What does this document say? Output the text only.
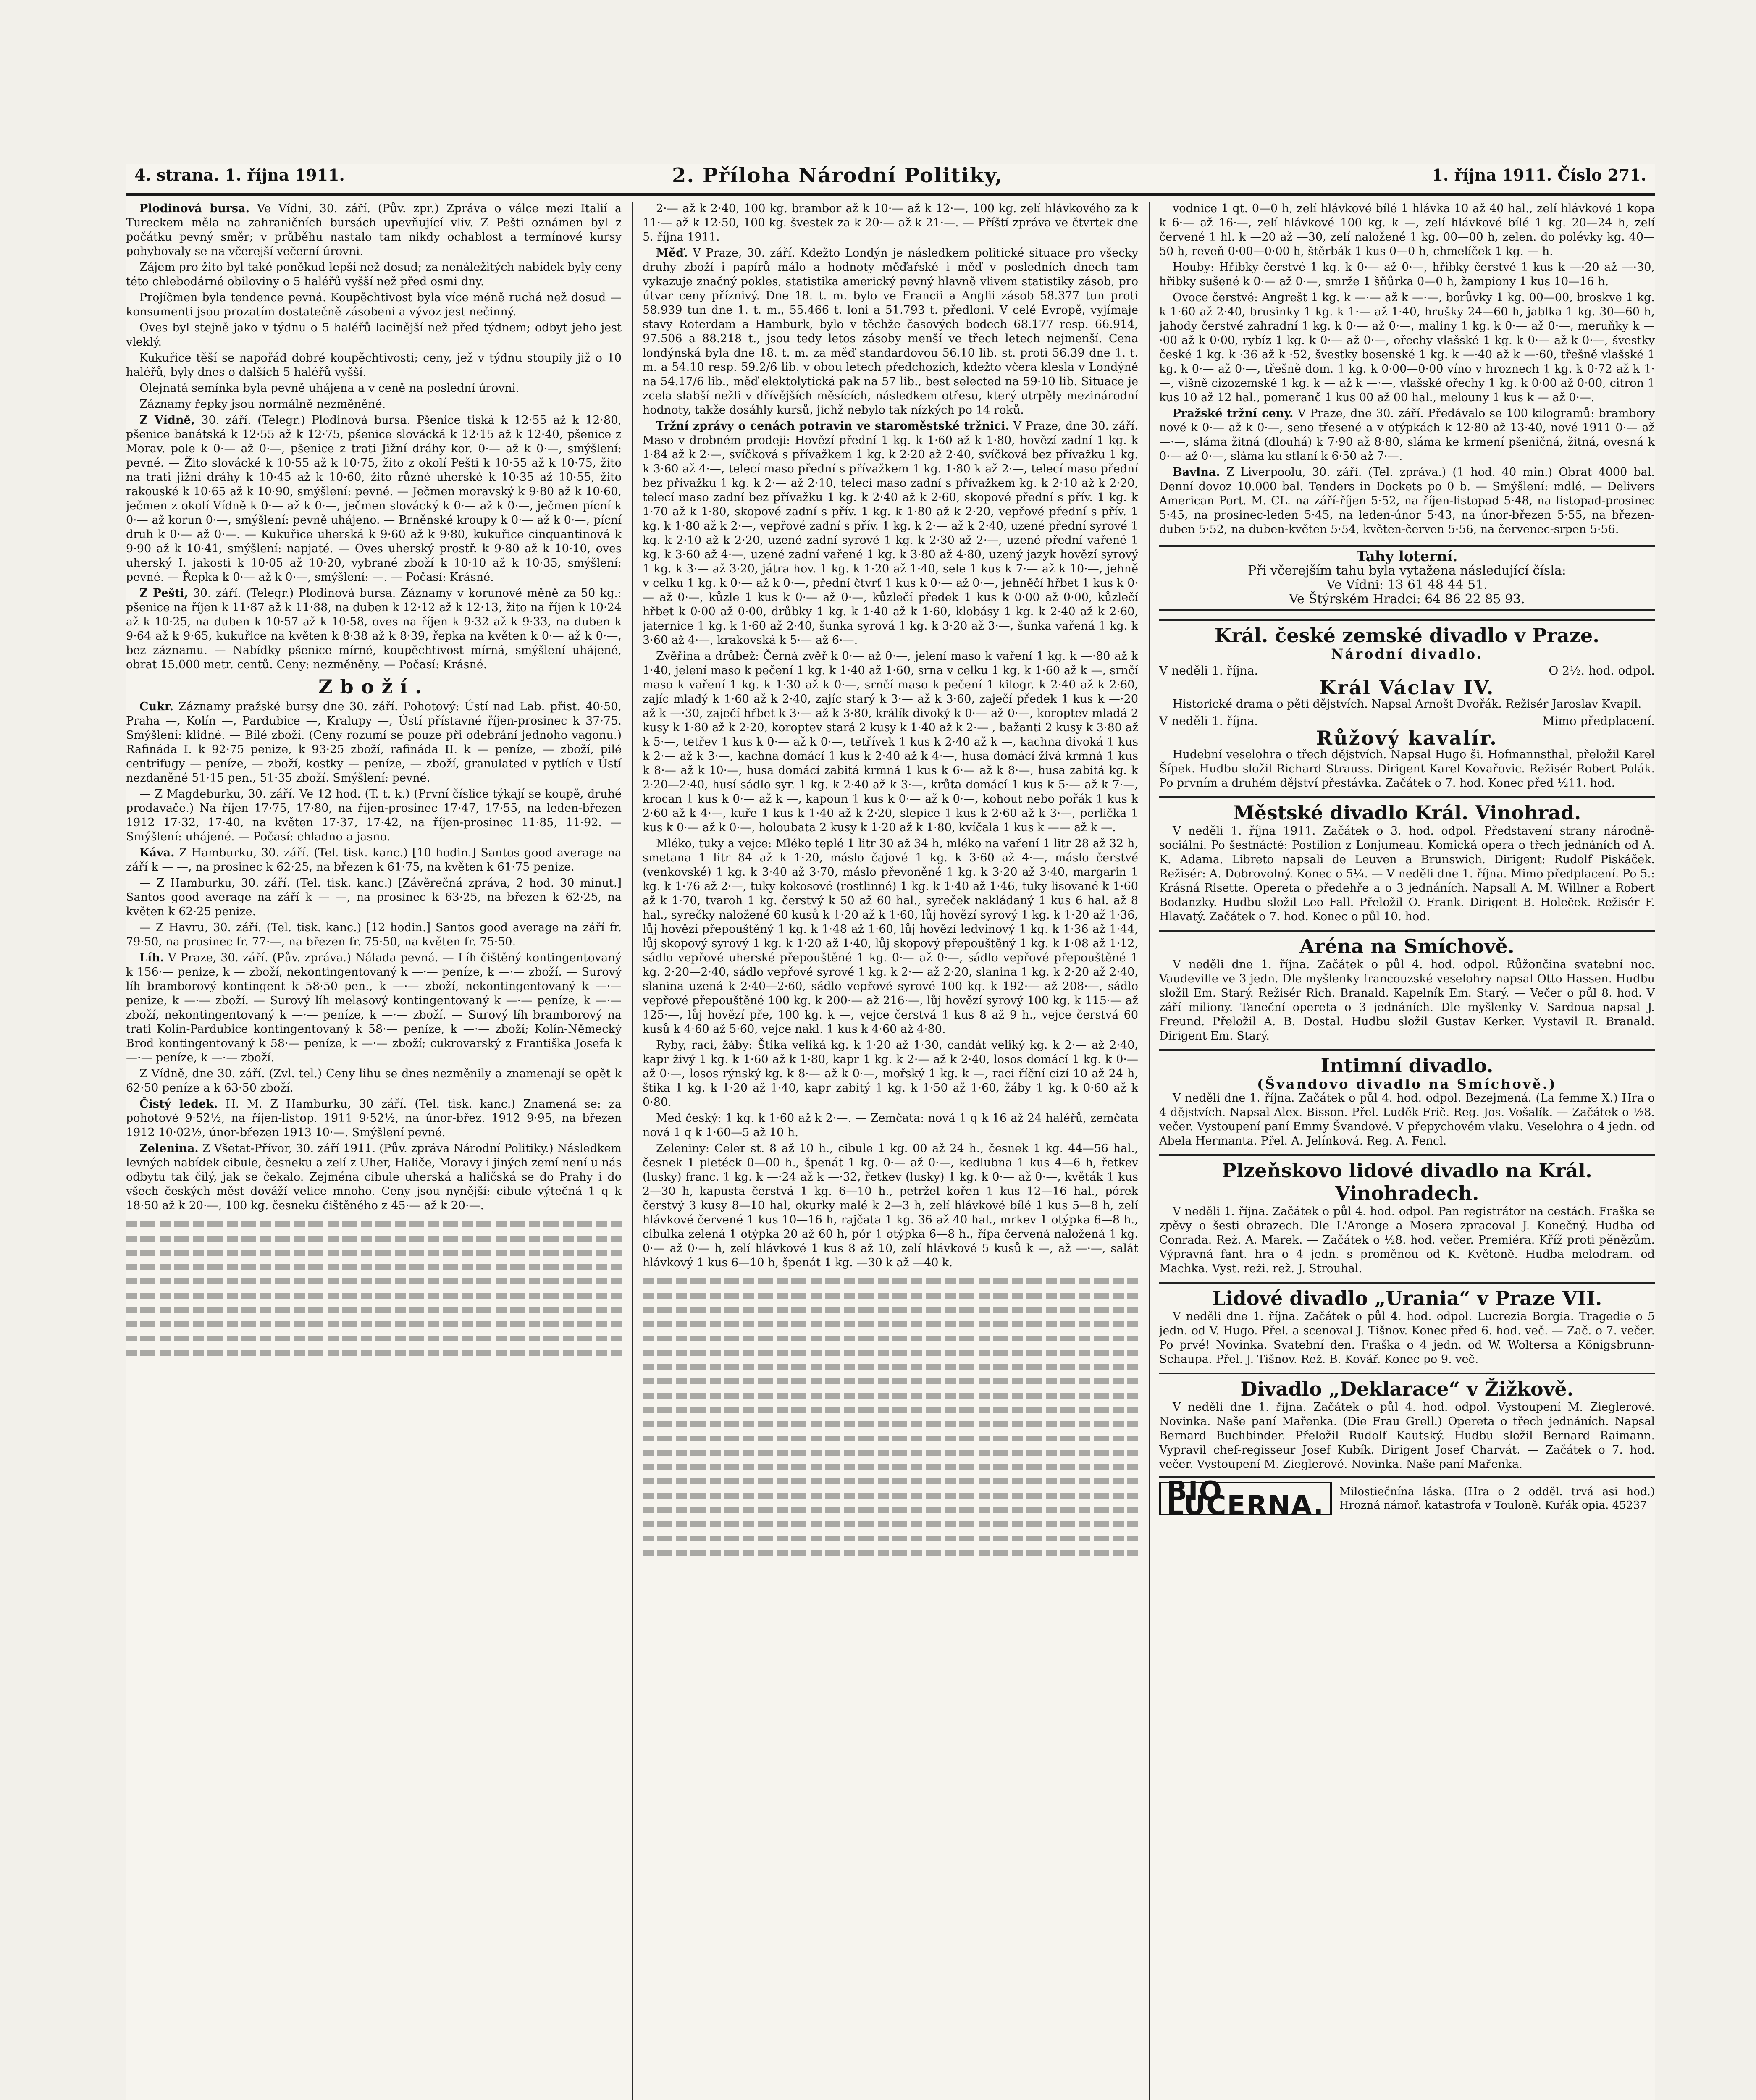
4. strana. 1. října 1911.	2. Příloha Národní Politiky,	1. října 1911. Číslo 271.

Plodinová bursa. Ve Vídni, 30. září. (Pův. zpr.) Zpráva o válce mezi Italií a Tureckem měla na zahraničních bursách upevňující vliv. Z Pešti oznámen byl z počátku pevný směr; v průběhu nastalo tam nikdy ochablost a termínové kursy pohybovaly se na včerejší večerní úrovni.

Zájem pro žito byl také poněkud lepší než dosud; za nenáležitých nabídek byly ceny této chlebodárné obiloviny o 5 haléřů vyšší než před osmi dny.

Projíčmen byla tendence pevná. Koupěchtivost byla více méně ruchá než dosud — konsumenti jsou prozatím dostatečně zásobeni a vývoz jest nečinný.

Oves byl stejně jako v týdnu o 5 haléřů lacinější než před týdnem; odbyt jeho jest vleklý.

Kukuřice těší se napořád dobré koupěchtivosti; ceny, jež v týdnu stoupily již o 10 haléřů, byly dnes o dalších 5 haléřů vyšší.

Olejnatá semínka byla pevně uhájena a v ceně na poslední úrovni.

Záznamy řepky jsou normálně nezměněné.

Z Vídně, 30. září. (Telegr.) Plodinová bursa. Pšenice tiská k 12·55 až k 12·80, pšenice banátská k 12·55 až k 12·75, pšenice slovácká k 12·15 až k 12·40, pšenice z Morav. pole k 0·— až 0·—, pšenice z trati Jižní dráhy kor. 0·— až k 0·—, smýšlení: pevné. — Žito slovácké k 10·55 až k 10·75, žito z okolí Pešti k 10·55 až k 10·75, žito na trati jižní dráhy k 10·45 až k 10·60, žito různé uherské k 10·35 až 10·55, žito rakouské k 10·65 až k 10·90, smýšlení: pevné. — Ječmen moravský k 9·80 až k 10·60, ječmen z okolí Vídně k 0·— až k 0·—, ječmen slovácký k 0·— až k 0·—, ječmen pícní k 0·— až korun 0·—, smýšlení: pevně uhájeno. — Brněnské kroupy k 0·— až k 0·—, pícní druh k 0·— až 0·—. — Kukuřice uherská k 9·60 až k 9·80, kukuřice cinquantinová k 9·90 až k 10·41, smýšlení: napjaté. — Oves uherský prostř. k 9·80 až k 10·10, oves uherský I. jakosti k 10·05 až 10·20, vybrané zboží k 10·10 až k 10·35, smýšlení: pevné. — Řepka k 0·— až k 0·—, smýšlení: —. — Počasí: Krásné.

Z Pešti, 30. září. (Telegr.) Plodinová bursa. Záznamy v korunové měně za 50 kg.: pšenice na říjen k 11·87 až k 11·88, na duben k 12·12 až k 12·13, žito na říjen k 10·24 až k 10·25, na duben k 10·57 až k 10·58, oves na říjen k 9·32 až k 9·33, na duben k 9·64 až k 9·65, kukuřice na květen k 8·38 až k 8·39, řepka na květen k 0·— až k 0·—, bez záznamu. — Nabídky pšenice mírné, koupěchtivost mírná, smýšlení uhájené, obrat 15.000 metr. centů. Ceny: nezměněny. — Počasí: Krásné.

Zboží.

Cukr. Záznamy pražské bursy dne 30. září. Pohotový: Ústí nad Lab. přist. 40·50, Praha —, Kolín —, Pardubice —, Kralupy —, Ústí přístavné říjen-prosinec k 37·75. Smýšlení: klidné. — Bílé zboží. (Ceny rozumí se pouze při odebrání jednoho vagonu.) Rafináda I. k 92·75 penize, k 93·25 zboží, rafináda II. k — peníze, — zboží, pilé centrifugy — peníze, — zboží, kostky — peníze, — zboží, granulated v pytlích v Ústí nezdaněné 51·15 pen., 51·35 zboží. Smýšlení: pevné.

— Z Magdeburku, 30. září. Ve 12 hod. (T. t. k.) (První číslice týkají se koupě, druhé prodavače.) Na říjen 17·75, 17·80, na říjen-prosinec 17·47, 17·55, na leden-březen 1912 17·32, 17·40, na květen 17·37, 17·42, na říjen-prosinec 11·85, 11·92. — Smýšlení: uhájené. — Počasí: chladno a jasno.

Káva. Z Hamburku, 30. září. (Tel. tisk. kanc.) [10 hodin.] Santos good average na září k — —, na prosinec k 62·25, na březen k 61·75, na květen k 61·75 penize.

— Z Hamburku, 30. září. (Tel. tisk. kanc.) [Závěrečná zpráva, 2 hod. 30 minut.] Santos good average na září k — —, na prosinec k 63·25, na březen k 62·25, na květen k 62·25 penize.

— Z Havru, 30. září. (Tel. tisk. kanc.) [12 hodin.] Santos good average na září fr. 79·50, na prosinec fr. 77·—, na březen fr. 75·50, na květen fr. 75·50.

Líh. V Praze, 30. září. (Pův. zpráva.) Nálada pevná. — Líh čištěný kontingentovaný k 156·— penize, k — zboží, nekontingentovaný k —·— peníze, k —·— zboží. — Surový líh bramborový kontingent k 58·50 pen., k —·— zboží, nekontingentovaný k —·— penize, k —·— zboží. — Surový líh melasový kontingentovaný k —·— peníze, k —·— zboží, nekontingentovaný k —·— peníze, k —·— zboží. — Surový líh bramborový na trati Kolín-Pardubice kontingentovaný k 58·— peníze, k —·— zboží; Kolín-Německý Brod kontingentovaný k 58·— peníze, k —·— zboží; cukrovarský z Františka Josefa k —·— peníze, k —·— zboží.

Z Vídně, dne 30. září. (Zvl. tel.) Ceny lihu se dnes nezměnily a znamenají se opět k 62·50 peníze a k 63·50 zboží.

Čistý ledek. H. M. Z Hamburku, 30 září. (Tel. tisk. kanc.) Znamená se: za pohotové 9·52½, na říjen-listop. 1911 9·52½, na únor-břez. 1912 9·95, na březen 1912 10·02½, únor-březen 1913 10·—. Smýšlení pevné.

Zelenina. Z Všetat-Přívor, 30. září 1911. (Pův. zpráva Národní Politiky.) Následkem levných nabídek cibule, česneku a zelí z Uher, Haliče, Moravy i jiných zemí není u nás odbytu tak čilý, jak se čekalo. Zejména cibule uherská a haličská se do Prahy i do všech českých měst dováží velice mnoho. Ceny jsou nynější: cibule výtečná 1 q k 18·50 až k 20·—, 100 kg. česneku čištěného z 45·— až k 20·—.

2·— až k 2·40, 100 kg. brambor až k 10·— až k 12·—, 100 kg. zelí hlávkového za k 11·— až k 12·50, 100 kg. švestek za k 20·— až k 21·—. — Příští zpráva ve čtvrtek dne 5. října 1911.

Měď. V Praze, 30. září. Kdežto Londýn je následkem politické situace pro všecky druhy zboží i papírů málo a hodnoty měďařské i měď v posledních dnech tam vykazuje značný pokles, statistika americký pevný hlavně vlivem statistiky zásob, pro útvar ceny příznivý. Dne 18. t. m. bylo ve Francii a Anglii zásob 58.377 tun proti 58.939 tun dne 1. t. m., 55.466 t. loni a 51.793 t. předloni. V celé Evropě, vyjímaje stavy Roterdam a Hamburk, bylo v těchže časových bodech 68.177 resp. 66.914, 97.506 a 88.218 t., jsou tedy letos zásoby menší ve třech letech nejmenší. Cena londýnská byla dne 18. t. m. za měď standardovou 56.10 lib. st. proti 56.39 dne 1. t. m. a 54.10 resp. 59.2/6 lib. v obou letech předchozích, kdežto včera klesla v Londýně na 54.17/6 lib., měď elektolytická pak na 57 lib., best selected na 59·10 lib. Situace je zcela slabší nežli v dřívějších měsících, následkem otřesu, který utrpěly mezinárodní hodnoty, takže dosáhly kursů, jichž nebylo tak nízkých po 14 roků.

Tržní zprávy o cenách potravin ve staroměstské tržnici. V Praze, dne 30. září. Maso v drobném prodeji: Hovězí přední 1 kg. k 1·60 až k 1·80, hovězí zadní 1 kg. k 1·84 až k 2·—, svíčková s přívažkem 1 kg. k 2·20 až 2·40, svíčková bez přívažku 1 kg. k 3·60 až 4·—, telecí maso přední s přívažkem 1 kg. 1·80 k až 2·—, telecí maso přední bez přívažku 1 kg. k 2·— až 2·10, telecí maso zadní s přívažkem kg. k 2·10 až k 2·20, telecí maso zadní bez přívažku 1 kg. k 2·40 až k 2·60, skopové přední s přív. 1 kg. k 1·70 až k 1·80, skopové zadní s přív. 1 kg. k 1·80 až k 2·20, vepřové přední s přív. 1 kg. k 1·80 až k 2·—, vepřové zadní s přív. 1 kg. k 2·— až k 2·40, uzené přední syrové 1 kg. k 2·10 až k 2·20, uzené zadní syrové 1 kg. k 2·30 až 2·—, uzené přední vařené 1 kg. k 3·60 až 4·—, uzené zadní vařené 1 kg. k 3·80 až 4·80, uzený jazyk hovězí syrový 1 kg. k 3·— až 3·20, játra hov. 1 kg. k 1·20 až 1·40, sele 1 kus k 7·— až k 10·—, jehně v celku 1 kg. k 0·— až k 0·—, přední čtvrť 1 kus k 0·— až 0·—, jehněčí hřbet 1 kus k 0·— až 0·—, kůzle 1 kus k 0·— až 0·—, kůzlečí předek 1 kus k 0·00 až 0·00, kůzlečí hřbet k 0·00 až 0·00, drůbky 1 kg. k 1·40 až k 1·60, klobásy 1 kg. k 2·40 až k 2·60, jaternice 1 kg. k 1·60 až 2·40, šunka syrová 1 kg. k 3·20 až 3·—, šunka vařená 1 kg. k 3·60 až 4·—, krakovská k 5·— až 6·—.

Zvěřina a drůbež: Černá zvěř k 0·— až 0·—, jelení maso k vaření 1 kg. k —·80 až k 1·40, jelení maso k pečení 1 kg. k 1·40 až 1·60, srna v celku 1 kg. k 1·60 až k —, srnčí maso k vaření 1 kg. k 1·30 až k 0·—, srnčí maso k pečení 1 kilogr. k 2·40 až k 2·60, zajíc mladý k 1·60 až k 2·40, zajíc starý k 3·— až k 3·60, zaječí předek 1 kus k —·20 až k —·30, zaječí hřbet k 3·— až k 3·80, králík divoký k 0·— až 0·—, koroptev mladá 2 kusy k 1·80 až k 2·20, koroptev stará 2 kusy k 1·40 až k 2·— , bažanti 2 kusy k 3·80 až k 5·—, tetřev 1 kus k 0·— až k 0·—, tetřívek 1 kus k 2·40 až k —, kachna divoká 1 kus k 2·— až k 3·—, kachna domácí 1 kus k 2·40 až k 4·—, husa domácí živá krmná 1 kus k 8·— až k 10·—, husa domácí zabitá krmná 1 kus k 6·— až k 8·—, husa zabitá kg. k 2·20—2·40, husí sádlo syr. 1 kg. k 2·40 až k 3·—, krůta domácí 1 kus k 5·— až k 7·—, krocan 1 kus k 0·— až k —, kapoun 1 kus k 0·— až k 0·—, kohout nebo pořák 1 kus k 2·60 až k 4·—, kuře 1 kus k 1·40 až k 2·20, slepice 1 kus k 2·60 až k 3·—, perlička 1 kus k 0·— až k 0·—, holoubata 2 kusy k 1·20 až k 1·80, kvíčala 1 kus k —— až k —.

Mléko, tuky a vejce: Mléko teplé 1 litr 30 až 34 h, mléko na vaření 1 litr 28 až 32 h, smetana 1 litr 84 až k 1·20, máslo čajové 1 kg. k 3·60 až 4·—, máslo čerstvé (venkovské) 1 kg. k 3·40 až 3·70, máslo převoněné 1 kg. k 3·20 až 3·40, margarin 1 kg. k 1·76 až 2·—, tuky kokosové (rostlinné) 1 kg. k 1·40 až 1·46, tuky lisované k 1·60 až k 1·70, tvaroh 1 kg. čerstvý k 50 až 60 hal., syreček nakládaný 1 kus 6 hal. až 8 hal., syrečky naložené 60 kusů k 1·20 až k 1·60, lůj hovězí syrový 1 kg. k 1·20 až 1·36, lůj hovězí přepouštěný 1 kg. k 1·48 až 1·60, lůj hovězí ledvinový 1 kg. k 1·36 až 1·44, lůj skopový syrový 1 kg. k 1·20 až 1·40, lůj skopový přepouštěný 1 kg. k 1·08 až 1·12, sádlo vepřové uherské přepouštěné 1 kg. 0·— až 0·—, sádlo vepřové přepouštěné 1 kg. 2·20—2·40, sádlo vepřové syrové 1 kg. k 2·— až 2·20, slanina 1 kg. k 2·20 až 2·40, slanina uzená k 2·40—2·60, sádlo vepřové syrové 100 kg. k 192·— až 208·—, sádlo vepřové přepouštěné 100 kg. k 200·— až 216·—, lůj hovězí syrový 100 kg. k 115·— až 125·—, lůj hovězí pře, 100 kg. k —, vejce čerstvá 1 kus 8 až 9 h., vejce čerstvá 60 kusů k 4·60 až 5·60, vejce nakl. 1 kus k 4·60 až 4·80.

Ryby, raci, žáby: Štika veliká kg. k 1·20 až 1·30, candát veliký kg. k 2·— až 2·40, kapr živý 1 kg. k 1·60 až k 1·80, kapr 1 kg. k 2·— až k 2·40, losos domácí 1 kg. k 0·— až 0·—, losos rýnský kg. k 8·— až k 0·—, mořský 1 kg. k —, raci říční cizí 10 až 24 h, štika 1 kg. k 1·20 až 1·40, kapr zabitý 1 kg. k 1·50 až 1·60, žáby 1 kg. k 0·60 až k 0·80.

Med český: 1 kg. k 1·60 až k 2·—. — Zemčata: nová 1 q k 16 až 24 haléřů, zemčata nová 1 q k 1·60—5 až 10 h.

Zeleniny: Celer st. 8 až 10 h., cibule 1 kg. 00 až 24 h., česnek 1 kg. 44—56 hal., česnek 1 pletéck 0—00 h., špenát 1 kg. 0·— až 0·—, kedlubna 1 kus 4—6 h, řetkev (lusky) franc. 1 kg. k —·24 až k —·32, řetkev (lusky) 1 kg. k 0·— až 0·—, květák 1 kus 2—30 h, kapusta čerstvá 1 kg. 6—10 h., petržel kořen 1 kus 12—16 hal., pórek čerstvý 3 kusy 8—10 hal, okurky malé k 2—3 h, zelí hlávkové bílé 1 kus 5—8 h, zelí hlávkové červené 1 kus 10—16 h, rajčata 1 kg. 36 až 40 hal., mrkev 1 otýpka 6—8 h., cibulka zelená 1 otýpka 20 až 60 h, pór 1 otýpka 6—8 h., řípa červená naložená 1 kg. 0·— až 0·— h, zelí hlávkové 1 kus 8 až 10, zelí hlávkové 5 kusů k —, až —·—, salát hlávkový 1 kus 6—10 h, špenát 1 kg. —30 k až —40 k.

vodnice 1 qt. 0—0 h, zelí hlávkové bílé 1 hlávka 10 až 40 hal., zelí hlávkové 1 kopa k 6·— až 16·—, zelí hlávkové 100 kg. k —, zelí hlávkové bílé 1 kg. 20—24 h, zelí červené 1 hl. k —20 až —30, zelí naložené 1 kg. 00—00 h, zelen. do polévky kg. 40—50 h, reveň 0·00—0·00 h, štěrbák 1 kus 0—0 h, chmelíček 1 kg. — h.

Houby: Hřibky čerstvé 1 kg. k 0·— až 0·—, hřibky čerstvé 1 kus k —·20 až —·30, hřibky sušené k 0·— až 0·—, smrže 1 šňůrka 0—0 h, žampiony 1 kus 10—16 h.

Ovoce čerstvé: Angrešt 1 kg. k —·— až k —·—, borůvky 1 kg. 00—00, broskve 1 kg. k 1·60 až 2·40, brusinky 1 kg. k 1·— až 1·40, hrušky 24—60 h, jablka 1 kg. 30—60 h, jahody čerstvé zahradní 1 kg. k 0·— až 0·—, maliny 1 kg. k 0·— až 0·—, meruňky k —·00 až k 0·00, rybíz 1 kg. k 0·— až 0·—, ořechy vlašské 1 kg. k 0·— až k 0·—, švestky české 1 kg. k ·36 až k ·52, švestky bosenské 1 kg. k —·40 až k —·60, třešně vlašské 1 kg. k 0·— až 0·—, třešně dom. 1 kg. k 0·00—0·00 víno v hroznech 1 kg. k 0·72 až k 1·—, višně cizozemské 1 kg. k — až k —·—, vlašské ořechy 1 kg. k 0·00 až 0·00, citron 1 kus 10 až 12 hal., pomeranč 1 kus 00 až 00 hal., melouny 1 kus k — až 0·—.

Pražské tržní ceny. V Praze, dne 30. září. Předávalo se 100 kilogramů: brambory nové k 0·— až k 0·—, seno třesené a v otýpkách k 12·80 až 13·40, nové 1911 0·— až —·—, sláma žitná (dlouhá) k 7·90 až 8·80, sláma ke krmení pšeničná, žitná, ovesná k 0·— až 0·—, sláma ku stlaní k 6·50 až 7·—.

Bavlna. Z Liverpoolu, 30. září. (Tel. zpráva.) (1 hod. 40 min.) Obrat 4000 bal. Denní dovoz 10.000 bal. Tenders in Dockets po 0 b. — Smýšlení: mdlé. — Delivers American Port. M. CL. na září-říjen 5·52, na říjen-listopad 5·48, na listopad-prosinec 5·45, na prosinec-leden 5·45, na leden-únor 5·43, na únor-březen 5·55, na březen-duben 5·52, na duben-květen 5·54, květen-červen 5·56, na červenec-srpen 5·56.

Tahy loterní.
Při včerejším tahu byla vytažena následující čísla:
Ve Vídni: 13 61 48 44 51.
Ve Štýrském Hradci: 64 86 22 85 93.
Král. české zemské divadlo v Praze.
Národní divadlo.
V neděli 1. října.	O 2½. hod. odpol.
Král Václav IV.
Historické drama o pěti dějstvích. Napsal Arnošt Dvořák. Režisér Jaroslav Kvapil.
V neděli 1. října.	Mimo předplacení.
Růžový kavalír.
Hudební veselohra o třech dějstvích. Napsal Hugo ši. Hofmannsthal, přeložil Karel Šípek. Hudbu složil Richard Strauss. Dirigent Karel Kovařovic. Režisér Robert Polák. Po prvním a druhém dějství přestávka. Začátek o 7. hod. Konec před ½11. hod.
Městské divadlo Král. Vinohrad.
V neděli 1. října 1911. Začátek o 3. hod. odpol. Představení strany národně-sociální. Po šestnácté: Postilion z Lonjumeau. Komická opera o třech jednáních od A. K. Adama. Libreto napsali de Leuven a Brunswich. Dirigent: Rudolf Piskáček. Režisér: A. Dobrovolný. Konec o 5¼. — V neděli dne 1. října. Mimo předplacení. Po 5.: Krásná Risette. Opereta o předehře a o 3 jednáních. Napsali A. M. Willner a Robert Bodanzky. Hudbu složil Leo Fall. Přeložil O. Frank. Dirigent B. Holeček. Režisér F. Hlavatý. Začátek o 7. hod. Konec o půl 10. hod.
Aréna na Smíchově.
V neděli dne 1. října. Začátek o půl 4. hod. odpol. Růžončina svatební noc. Vaudeville ve 3 jedn. Dle myšlenky francouzské veselohry napsal Otto Hassen. Hudbu složil Em. Starý. Režisér Rich. Branald. Kapelník Em. Starý. — Večer o půl 8. hod. V září miliony. Taneční opereta o 3 jednáních. Dle myšlenky V. Sardoua napsal J. Freund. Přeložil A. B. Dostal. Hudbu složil Gustav Kerker. Vystavil R. Branald. Dirigent Em. Starý.
Intimní divadlo.
(Švandovo divadlo na Smíchově.)
V neděli dne 1. října. Začátek o půl 4. hod. odpol. Bezejmená. (La femme X.) Hra o 4 dějstvích. Napsal Alex. Bisson. Přel. Luděk Frič. Reg. Jos. Vošalík. — Začátek o ½8. večer. Vystoupení paní Emmy Švandové. V přepychovém vlaku. Veselohra o 4 jedn. od Abela Hermanta. Přel. A. Jelínková. Reg. A. Fencl.
Plzeňskovo lidové divadlo na Král. Vinohradech.
V neděli 1. října. Začátek o půl 4. hod. odpol. Pan registrátor na cestách. Fraška se zpěvy o šesti obrazech. Dle L'Aronge a Mosera zpracoval J. Konečný. Hudba od Conrada. Reż. A. Marek. — Začátek o ½8. hod. večer. Premiéra. Kříž proti pěnězům. Výpravná fant. hra o 4 jedn. s proměnou od K. Květoně. Hudba melodram. od Machka. Vyst. reżi. rež. J. Strouhal.
Lidové divadlo „Urania“ v Praze VII.
V neděli dne 1. října. Začátek o půl 4. hod. odpol. Lucrezia Borgia. Tragedie o 5 jedn. od V. Hugo. Přel. a scenoval J. Tišnov. Konec před 6. hod. več. — Zač. o 7. večer. Po prvé! Novinka. Svatební den. Fraška o 4 jedn. od W. Woltersa a Königsbrunn-Schaupa. Přel. J. Tišnov. Rež. B. Kovář. Konec po 9. več.
Divadlo „Deklarace“ v Žižkově.
V neděli dne 1. října. Začátek o půl 4. hod. odpol. Vystoupení M. Zieglerové. Novinka. Naše paní Mařenka. (Die Frau Grell.) Opereta o třech jednáních. Napsal Bernard Buchbinder. Přeložil Rudolf Kautský. Hudbu složil Bernard Raimann. Vypravil chef-regisseur Josef Kubík. Dirigent Josef Charvát. — Začátek o 7. hod. večer. Vystoupení M. Zieglerové. Novinka. Naše paní Mařenka.
BIO LUCERNA.	Milostiečnína láska. (Hra o 2 odděl. trvá asi hod.) Hrozná námoř. katastrofa v Touloně. Kuřák opia. 45237
